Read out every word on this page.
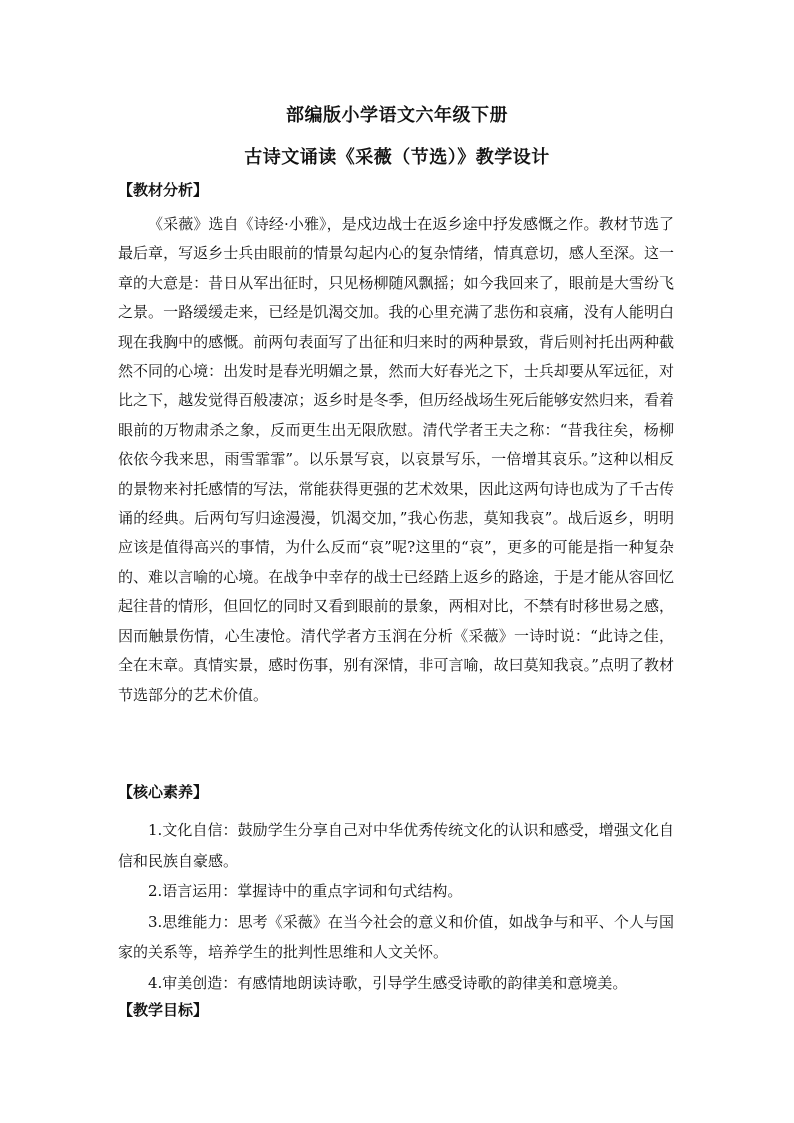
部编版小学语文六年级下册
古诗文诵读《采薇（节选）》教学设计
【教材分析】

《采薇》选自《诗经·小雅》，是戍边战士在返乡途中抒发感慨之作。教材节选了最后章，写返乡士兵由眼前的情景勾起内心的复杂情绪，情真意切，感人至深。这一章的大意是：昔日从军出征时，只见杨柳随风飘摇；如今我回来了，眼前是大雪纷飞之景。一路缓缓走来，已经是饥渴交加。我的心里充满了悲伤和哀痛，没有人能明白现在我胸中的感慨。前两句表面写了出征和归来时的两种景致，背后则衬托出两种截然不同的心境：出发时是春光明媚之景，然而大好春光之下，士兵却要从军远征，对比之下，越发觉得百般凄凉；返乡时是冬季，但历经战场生死后能够安然归来，看着眼前的万物肃杀之象，反而更生出无限欣慰。清代学者王夫之称：“昔我往矣，杨柳依依今我来思，雨雪霏霏”。以乐景写哀，以哀景写乐，一倍增其哀乐。”这种以相反的景物来衬托感情的写法，常能获得更强的艺术效果，因此这两句诗也成为了千古传诵的经典。后两句写归途漫漫，饥渴交加，”我心伤悲，莫知我哀”。战后返乡，明明应该是值得高兴的事情，为什么反而“哀”呢?这里的“哀”，更多的可能是指一种复杂的、难以言喻的心境。在战争中幸存的战士已经踏上返乡的路途，于是才能从容回忆起往昔的情形，但回忆的同时又看到眼前的景象，两相对比，不禁有时移世易之感，因而触景伤情，心生凄怆。清代学者方玉润在分析《采薇》一诗时说：“此诗之佳，全在末章。真情实景，感时伤事，别有深情，非可言喻，故曰莫知我哀。”点明了教材节选部分的艺术价值。

【核心素养】
1.文化自信：鼓励学生分享自己对中华优秀传统文化的认识和感受，增强文化自信和民族自豪感。
2.语言运用：掌握诗中的重点字词和句式结构。
3.思维能力：思考《采薇》在当今社会的意义和价值，如战争与和平、个人与国家的关系等，培养学生的批判性思维和人文关怀。
4.审美创造：有感情地朗读诗歌，引导学生感受诗歌的韵律美和意境美。
【教学目标】
